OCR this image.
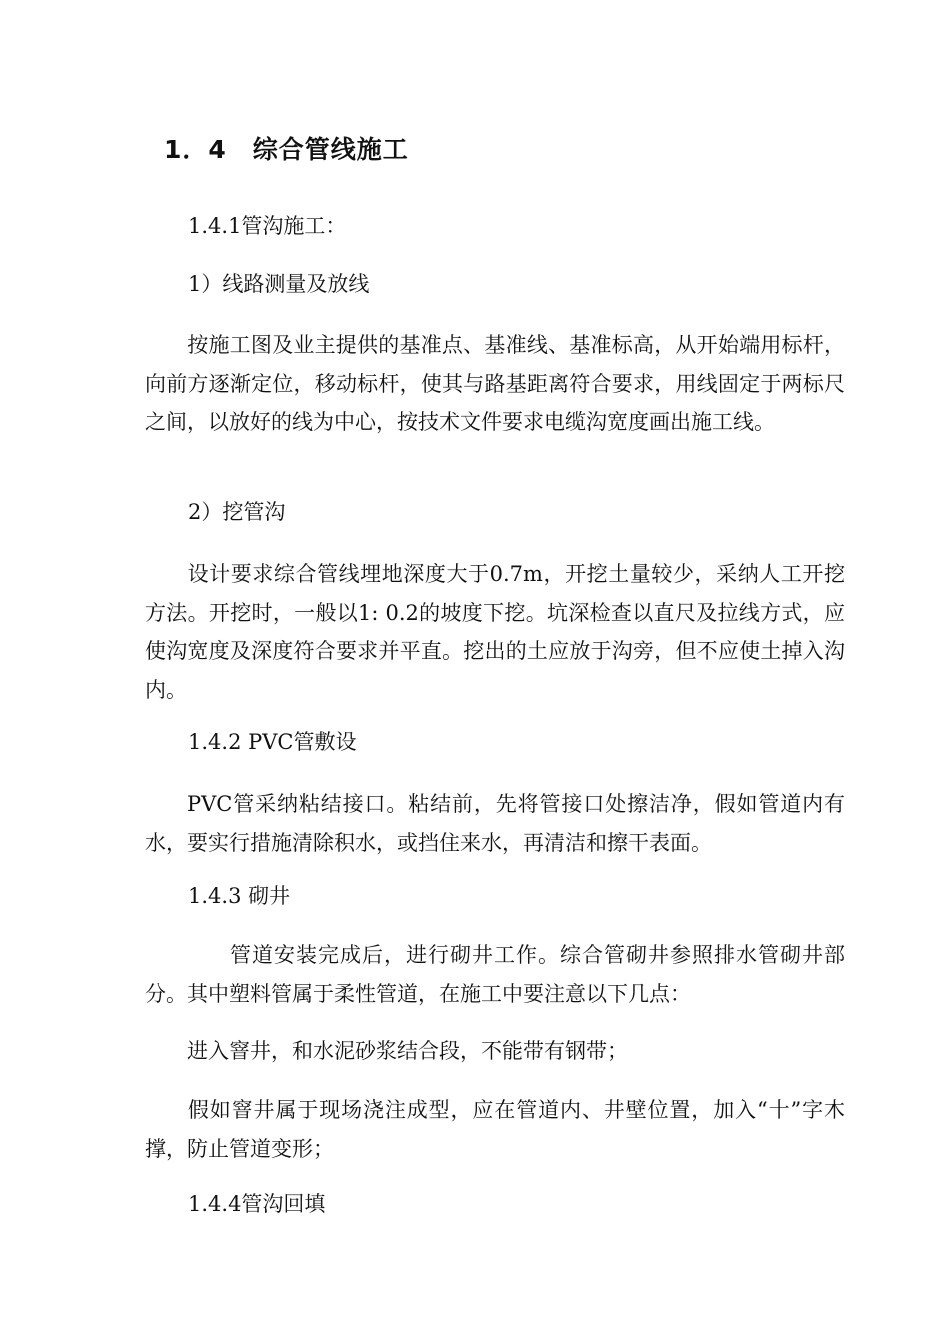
1．4 综合管线施工
1.4.1管沟施工：
1）线路测量及放线
按施工图及业主提供的基准点、基准线、基准标高，从开始端用标杆，向前方逐渐定位，移动标杆，使其与路基距离符合要求，用线固定于两标尺之间，以放好的线为中心，按技术文件要求电缆沟宽度画出施工线。
2）挖管沟
设计要求综合管线埋地深度大于0.7m，开挖土量较少，采纳人工开挖方法。开挖时，一般以1: 0.2的坡度下挖。坑深检查以直尺及拉线方式，应使沟宽度及深度符合要求并平直。挖出的土应放于沟旁，但不应使土掉入沟内。
1.4.2 PVC管敷设
PVC管采纳粘结接口。粘结前，先将管接口处擦洁净，假如管道内有水，要实行措施清除积水，或挡住来水，再清洁和擦干表面。
1.4.3 砌井
管道安装完成后，进行砌井工作。综合管砌井参照排水管砌井部分。其中塑料管属于柔性管道，在施工中要注意以下几点：
进入窨井，和水泥砂浆结合段，不能带有钢带；
假如窨井属于现场浇注成型，应在管道内、井壁位置，加入“十”字木撑，防止管道变形；
1.4.4管沟回填
